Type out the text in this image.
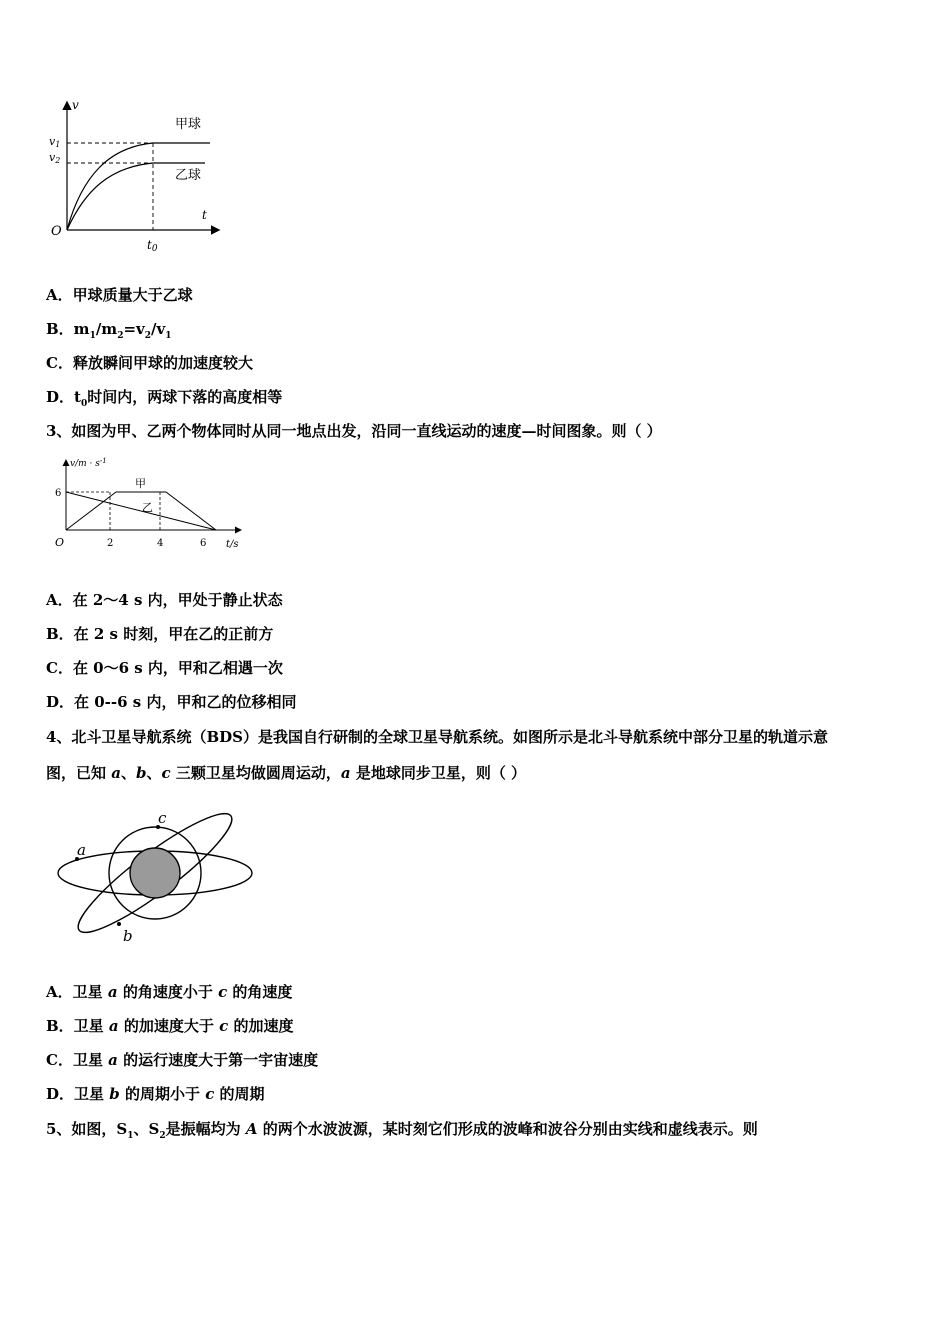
v
t
O
v1
v2
t0
甲球
乙球
A．甲球质量大于乙球
B．$m_1/m_2=v_2/v_1$
C．释放瞬间甲球的加速度较大
D．$t_0$时间内，两球下落的高度相等
3、如图为甲、乙两个物体同时从同一地点出发，沿同一直线运动的速度—时间图象。则（ ）
$v/m \cdot s^{-1}$
t/s
O
6
2	4	6
甲
乙
A．在 2～4 s 内，甲处于静止状态
B．在 2 s 时刻，甲在乙的正前方
C．在 0～6 s 内，甲和乙相遇一次
D．在 0--6 s 内，甲和乙的位移相同
4、北斗卫星导航系统（BDS）是我国自行研制的全球卫星导航系统。如图所示是北斗导航系统中部分卫星的轨道示意
图，已知 a、b、c 三颗卫星均做圆周运动，a 是地球同步卫星，则（ ）
a
c
b
A．卫星 a 的角速度小于 c 的角速度
B．卫星 a 的加速度大于 c 的加速度
C．卫星 a 的运行速度大于第一宇宙速度
D．卫星 b 的周期小于 c 的周期
5、如图，$S_1$、$S_2$是振幅均为 A 的两个水波波源，某时刻它们形成的波峰和波谷分别由实线和虚线表示。则
